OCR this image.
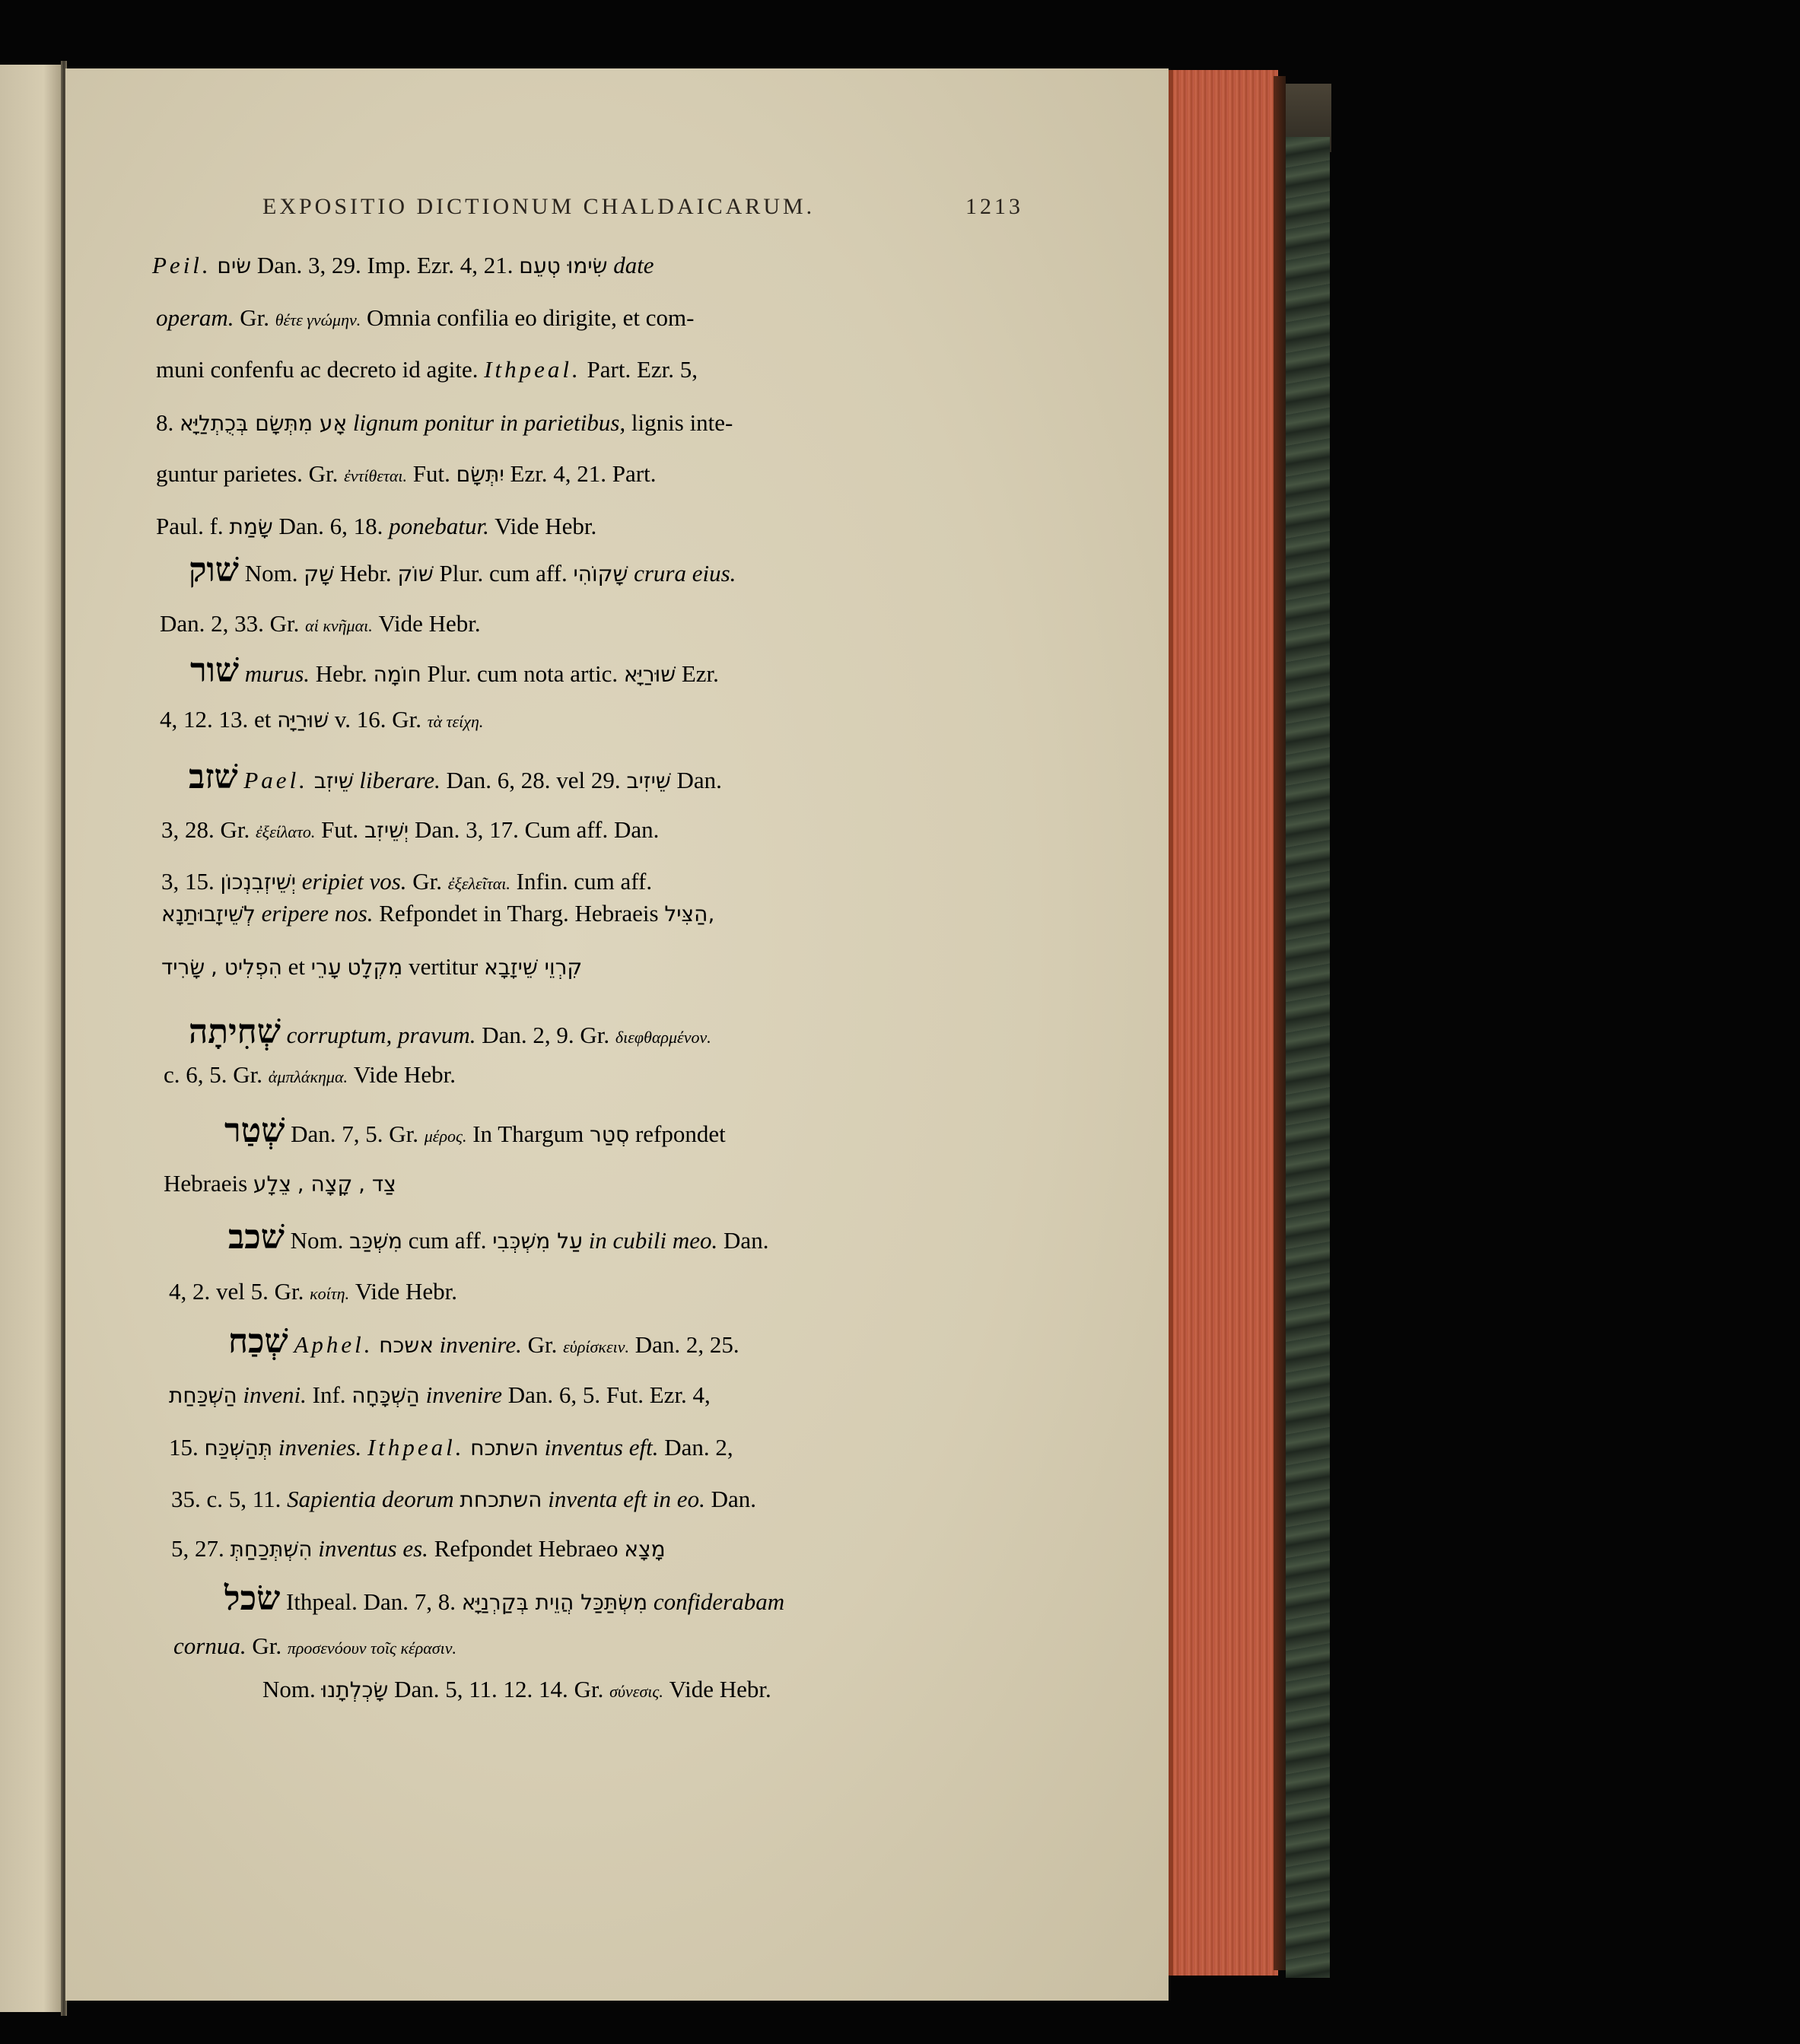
EXPOSITIO DICTIONUM CHALDAICARUM.	1213
Peil. שׂים Dan. 3, 29. Imp. Ezr. 4, 21. שִׂימוּ טְעֵם date
operam. Gr. θέτε γνώμην. Omnia confilia eo dirigite, et com-
muni confenfu ac decreto id agite. Ithpeal. Part. Ezr. 5,
8. אָע מִתְּשָׂם בְּכֻתְלַיָּא lignum ponitur in parietibus, lignis inte-
guntur parietes. Gr. ἐντίθεται. Fut. יִתְּשָׂם Ezr. 4, 21. Part.
Paul. f. שָׂמַת Dan. 6, 18. ponebatur. Vide Hebr.
שׁוק Nom. שָׁק Hebr. שׁוֹק Plur. cum aff. שָׁקוֹהִי crura eius.
Dan. 2, 33. Gr. αἱ κνῆμαι. Vide Hebr.
שׁור murus. Hebr. חוֹמָה Plur. cum nota artic. שׁוּרַיָּא Ezr.
4, 12. 13. et שׁוּרַיָּה v. 16. Gr. τὰ τείχη.
שׁזב Pael. שֵׁיזִב liberare. Dan. 6, 28. vel 29. שֵׁיזִיב Dan.
3, 28. Gr. ἐξείλατο. Fut. יְשֵׁיזִב Dan. 3, 17. Cum aff. Dan.
3, 15. יְשֵׁיזְבִנְכוֹן eripiet vos. Gr. ἐξελεῖται. Infin. cum aff.
לְשֵׁיזָבוּתַנָא eripere nos. Refpondet in Tharg. Hebraeis הַצִּיל,
הִפְלִיט , שָׂרִיד	et מִקְלָט עָרֵי	vertitur קִרְוֵי שֵׁיזָבָא
שְׁחִיתָה corruptum, pravum. Dan. 2, 9. Gr. διεφθαρμένον.
c. 6, 5. Gr. ἀμπλάκημα. Vide Hebr.
שְׁטַר Dan. 7, 5. Gr. μέρος. In Thargum סְטַר refpondet
Hebraeis	צַד , קָצָה , צֵלָע
שׁכב Nom. מִשְׁכַּב cum aff. עַל מִשְׁכְּבִי in cubili meo. Dan.
4, 2. vel 5. Gr. κοίτη. Vide Hebr.
שְׁכַח Aphel. אשכח invenire. Gr. εὑρίσκειν. Dan. 2, 25.
הַשְׁכַּחַת inveni. Inf. הַשְׁכָּחָה invenire Dan. 6, 5. Fut. Ezr. 4,
15. תְּהַשְׁכַּח invenies. Ithpeal. השתכח inventus eft. Dan. 2,
35. c. 5, 11. Sapientia deorum השתכחת inventa eft in eo. Dan.
5, 27. הִשְׁתְּכַחַתְּ inventus es. Refpondet Hebraeo מָצָא
שׂכל Ithpeal. Dan. 7, 8. מִשְׂתַּכַּל הֲוֵית בְּקַרְנַיָּא confiderabam
cornua. Gr. προσενόουν τοῖς κέρασιν.
Nom. שָׂכְלְתָנוּ Dan. 5, 11. 12. 14. Gr. σύνεσις. Vide Hebr.
